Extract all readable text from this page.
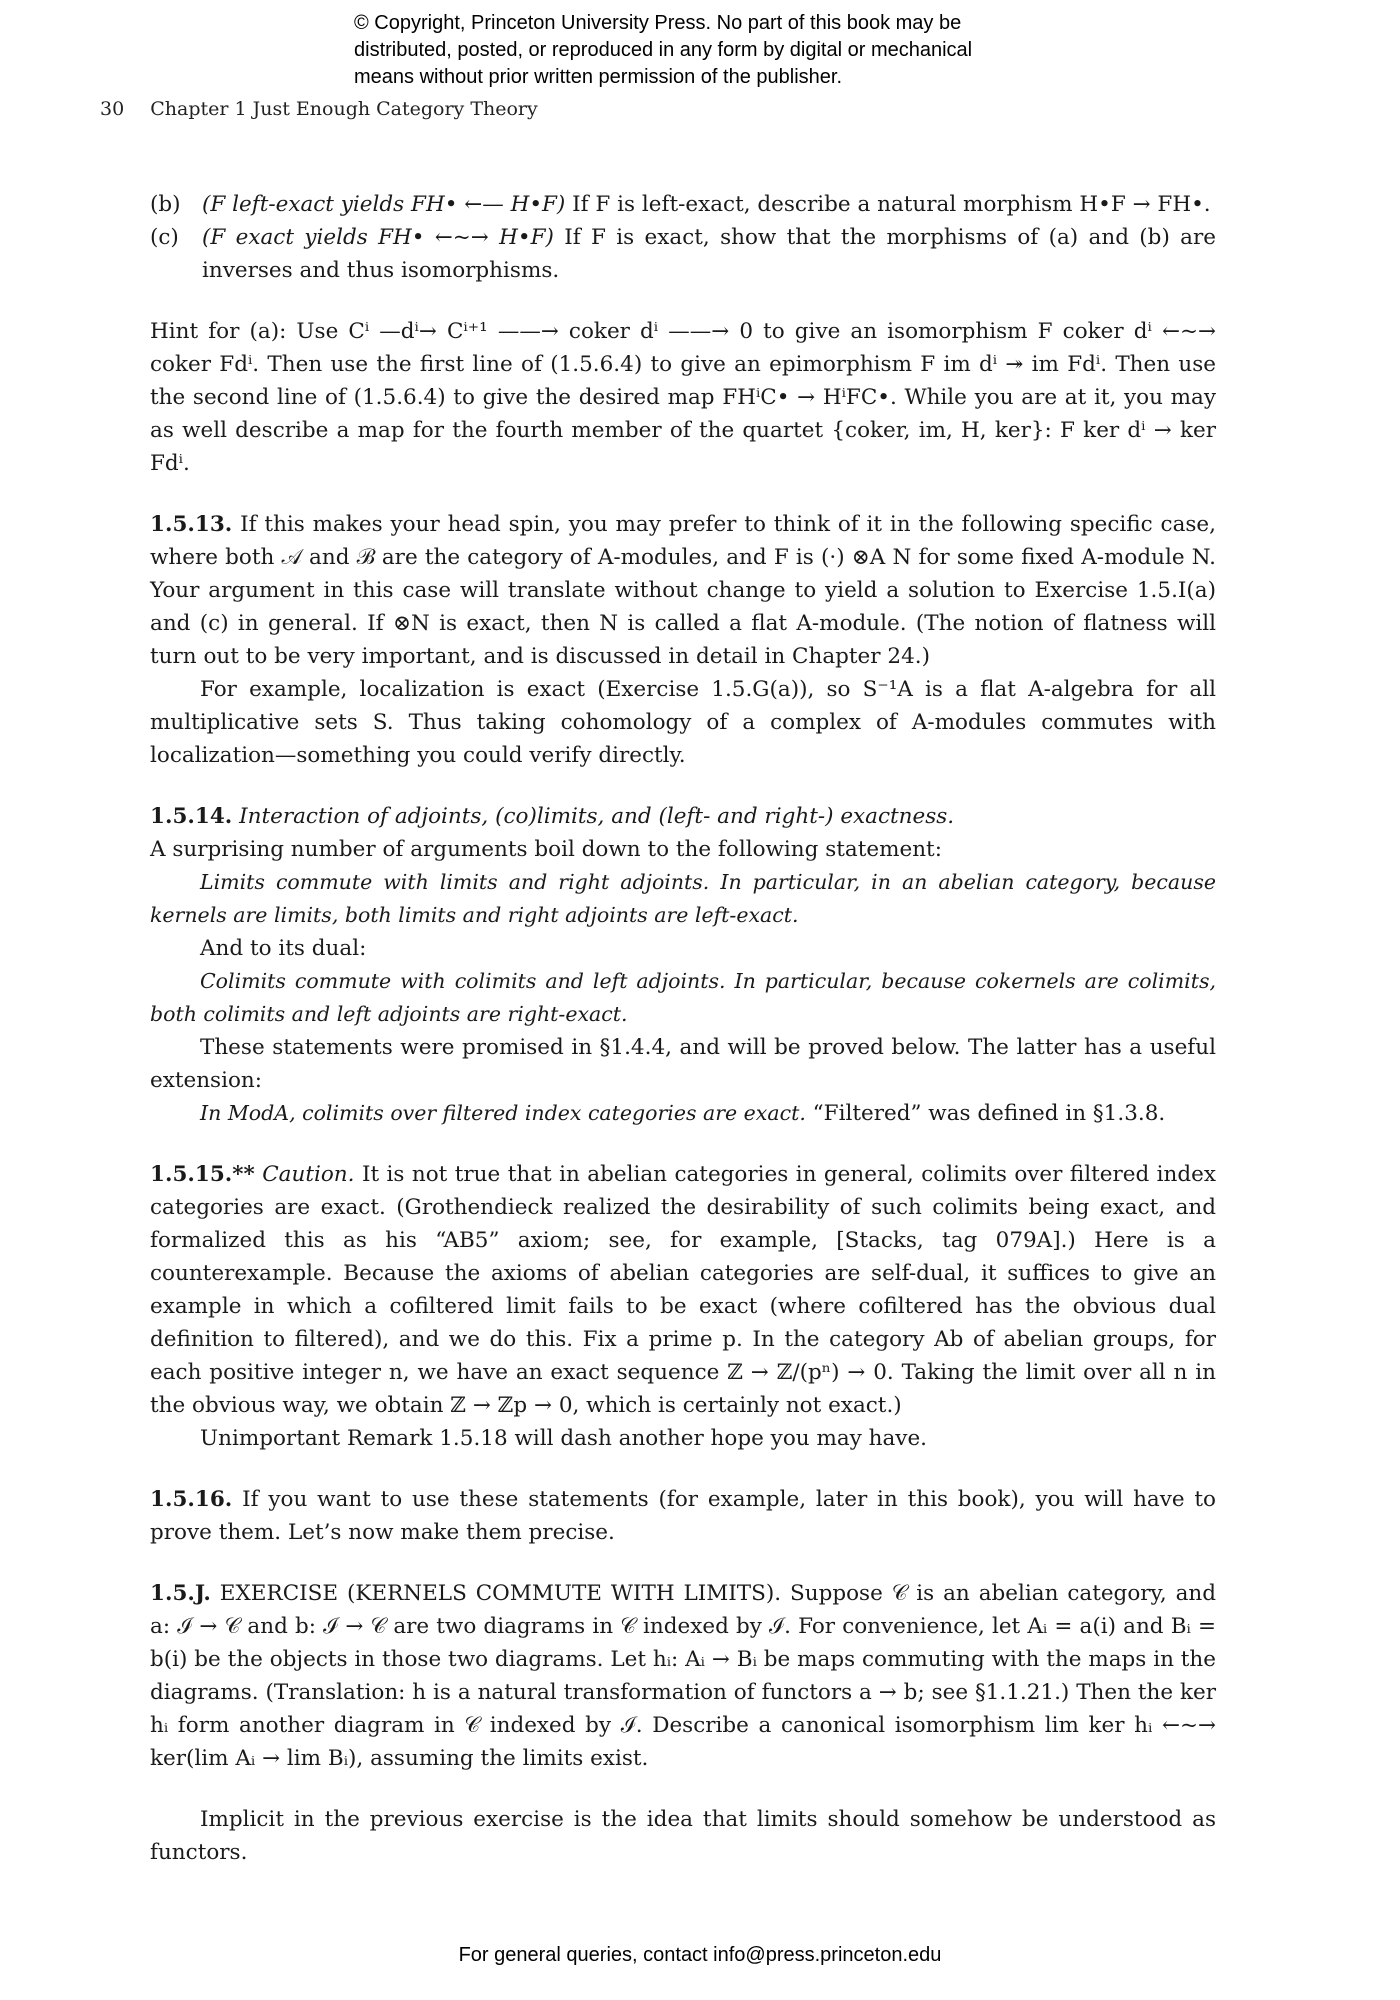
© Copyright, Princeton University Press. No part of this book may be
distributed, posted, or reproduced in any form by digital or mechanical
means without prior written permission of the publisher.
30 Chapter 1 Just Enough Category Theory

(b) (F left-exact yields FH• ←— H•F) If F is left-exact, describe a natural morphism H•F → FH•.

(c) (F exact yields FH• ←~→ H•F) If F is exact, show that the morphisms of (a) and (b) are inverses and thus isomorphisms.

Hint for (a): Use Cⁱ —dⁱ→ Cⁱ⁺¹ ——→ coker dⁱ ——→ 0 to give an isomorphism F coker dⁱ ←~→ coker Fdⁱ. Then use the first line of (1.5.6.4) to give an epimorphism F im dⁱ ↠ im Fdⁱ. Then use the second line of (1.5.6.4) to give the desired map FHⁱC• → HⁱFC•. While you are at it, you may as well describe a map for the fourth member of the quartet {coker, im, H, ker}: F ker dⁱ → ker Fdⁱ.

1.5.13. If this makes your head spin, you may prefer to think of it in the following specific case, where both 𝒜 and ℬ are the category of A-modules, and F is (·) ⊗A N for some fixed A-module N. Your argument in this case will translate without change to yield a solution to Exercise 1.5.I(a) and (c) in general. If ⊗N is exact, then N is called a flat A-module. (The notion of flatness will turn out to be very important, and is discussed in detail in Chapter 24.)

For example, localization is exact (Exercise 1.5.G(a)), so S⁻¹A is a flat A-algebra for all multiplicative sets S. Thus taking cohomology of a complex of A-modules commutes with localization—something you could verify directly.

1.5.14. Interaction of adjoints, (co)limits, and (left- and right-) exactness.

A surprising number of arguments boil down to the following statement:

Limits commute with limits and right adjoints. In particular, in an abelian category, because kernels are limits, both limits and right adjoints are left-exact.

And to its dual:

Colimits commute with colimits and left adjoints. In particular, because cokernels are colimits, both colimits and left adjoints are right-exact.

These statements were promised in §1.4.4, and will be proved below. The latter has a useful extension:

In ModA, colimits over filtered index categories are exact. “Filtered” was defined in §1.3.8.

1.5.15.** Caution. It is not true that in abelian categories in general, colimits over filtered index categories are exact. (Grothendieck realized the desirability of such colimits being exact, and formalized this as his “AB5” axiom; see, for example, [Stacks, tag 079A].) Here is a counterexample. Because the axioms of abelian categories are self-dual, it suffices to give an example in which a cofiltered limit fails to be exact (where cofiltered has the obvious dual definition to filtered), and we do this. Fix a prime p. In the category Ab of abelian groups, for each positive integer n, we have an exact sequence ℤ → ℤ/(pⁿ) → 0. Taking the limit over all n in the obvious way, we obtain ℤ → ℤp → 0, which is certainly not exact.)

Unimportant Remark 1.5.18 will dash another hope you may have.

1.5.16. If you want to use these statements (for example, later in this book), you will have to prove them. Let’s now make them precise.

1.5.J. EXERCISE (KERNELS COMMUTE WITH LIMITS). Suppose 𝒞 is an abelian category, and a: ℐ → 𝒞 and b: ℐ → 𝒞 are two diagrams in 𝒞 indexed by ℐ. For convenience, let Aᵢ = a(i) and Bᵢ = b(i) be the objects in those two diagrams. Let hᵢ: Aᵢ → Bᵢ be maps commuting with the maps in the diagrams. (Translation: h is a natural transformation of functors a → b; see §1.1.21.) Then the ker hᵢ form another diagram in 𝒞 indexed by ℐ. Describe a canonical isomorphism lim ker hᵢ ←~→ ker(lim Aᵢ → lim Bᵢ), assuming the limits exist.

Implicit in the previous exercise is the idea that limits should somehow be understood as functors.

For general queries, contact info@press.princeton.edu
